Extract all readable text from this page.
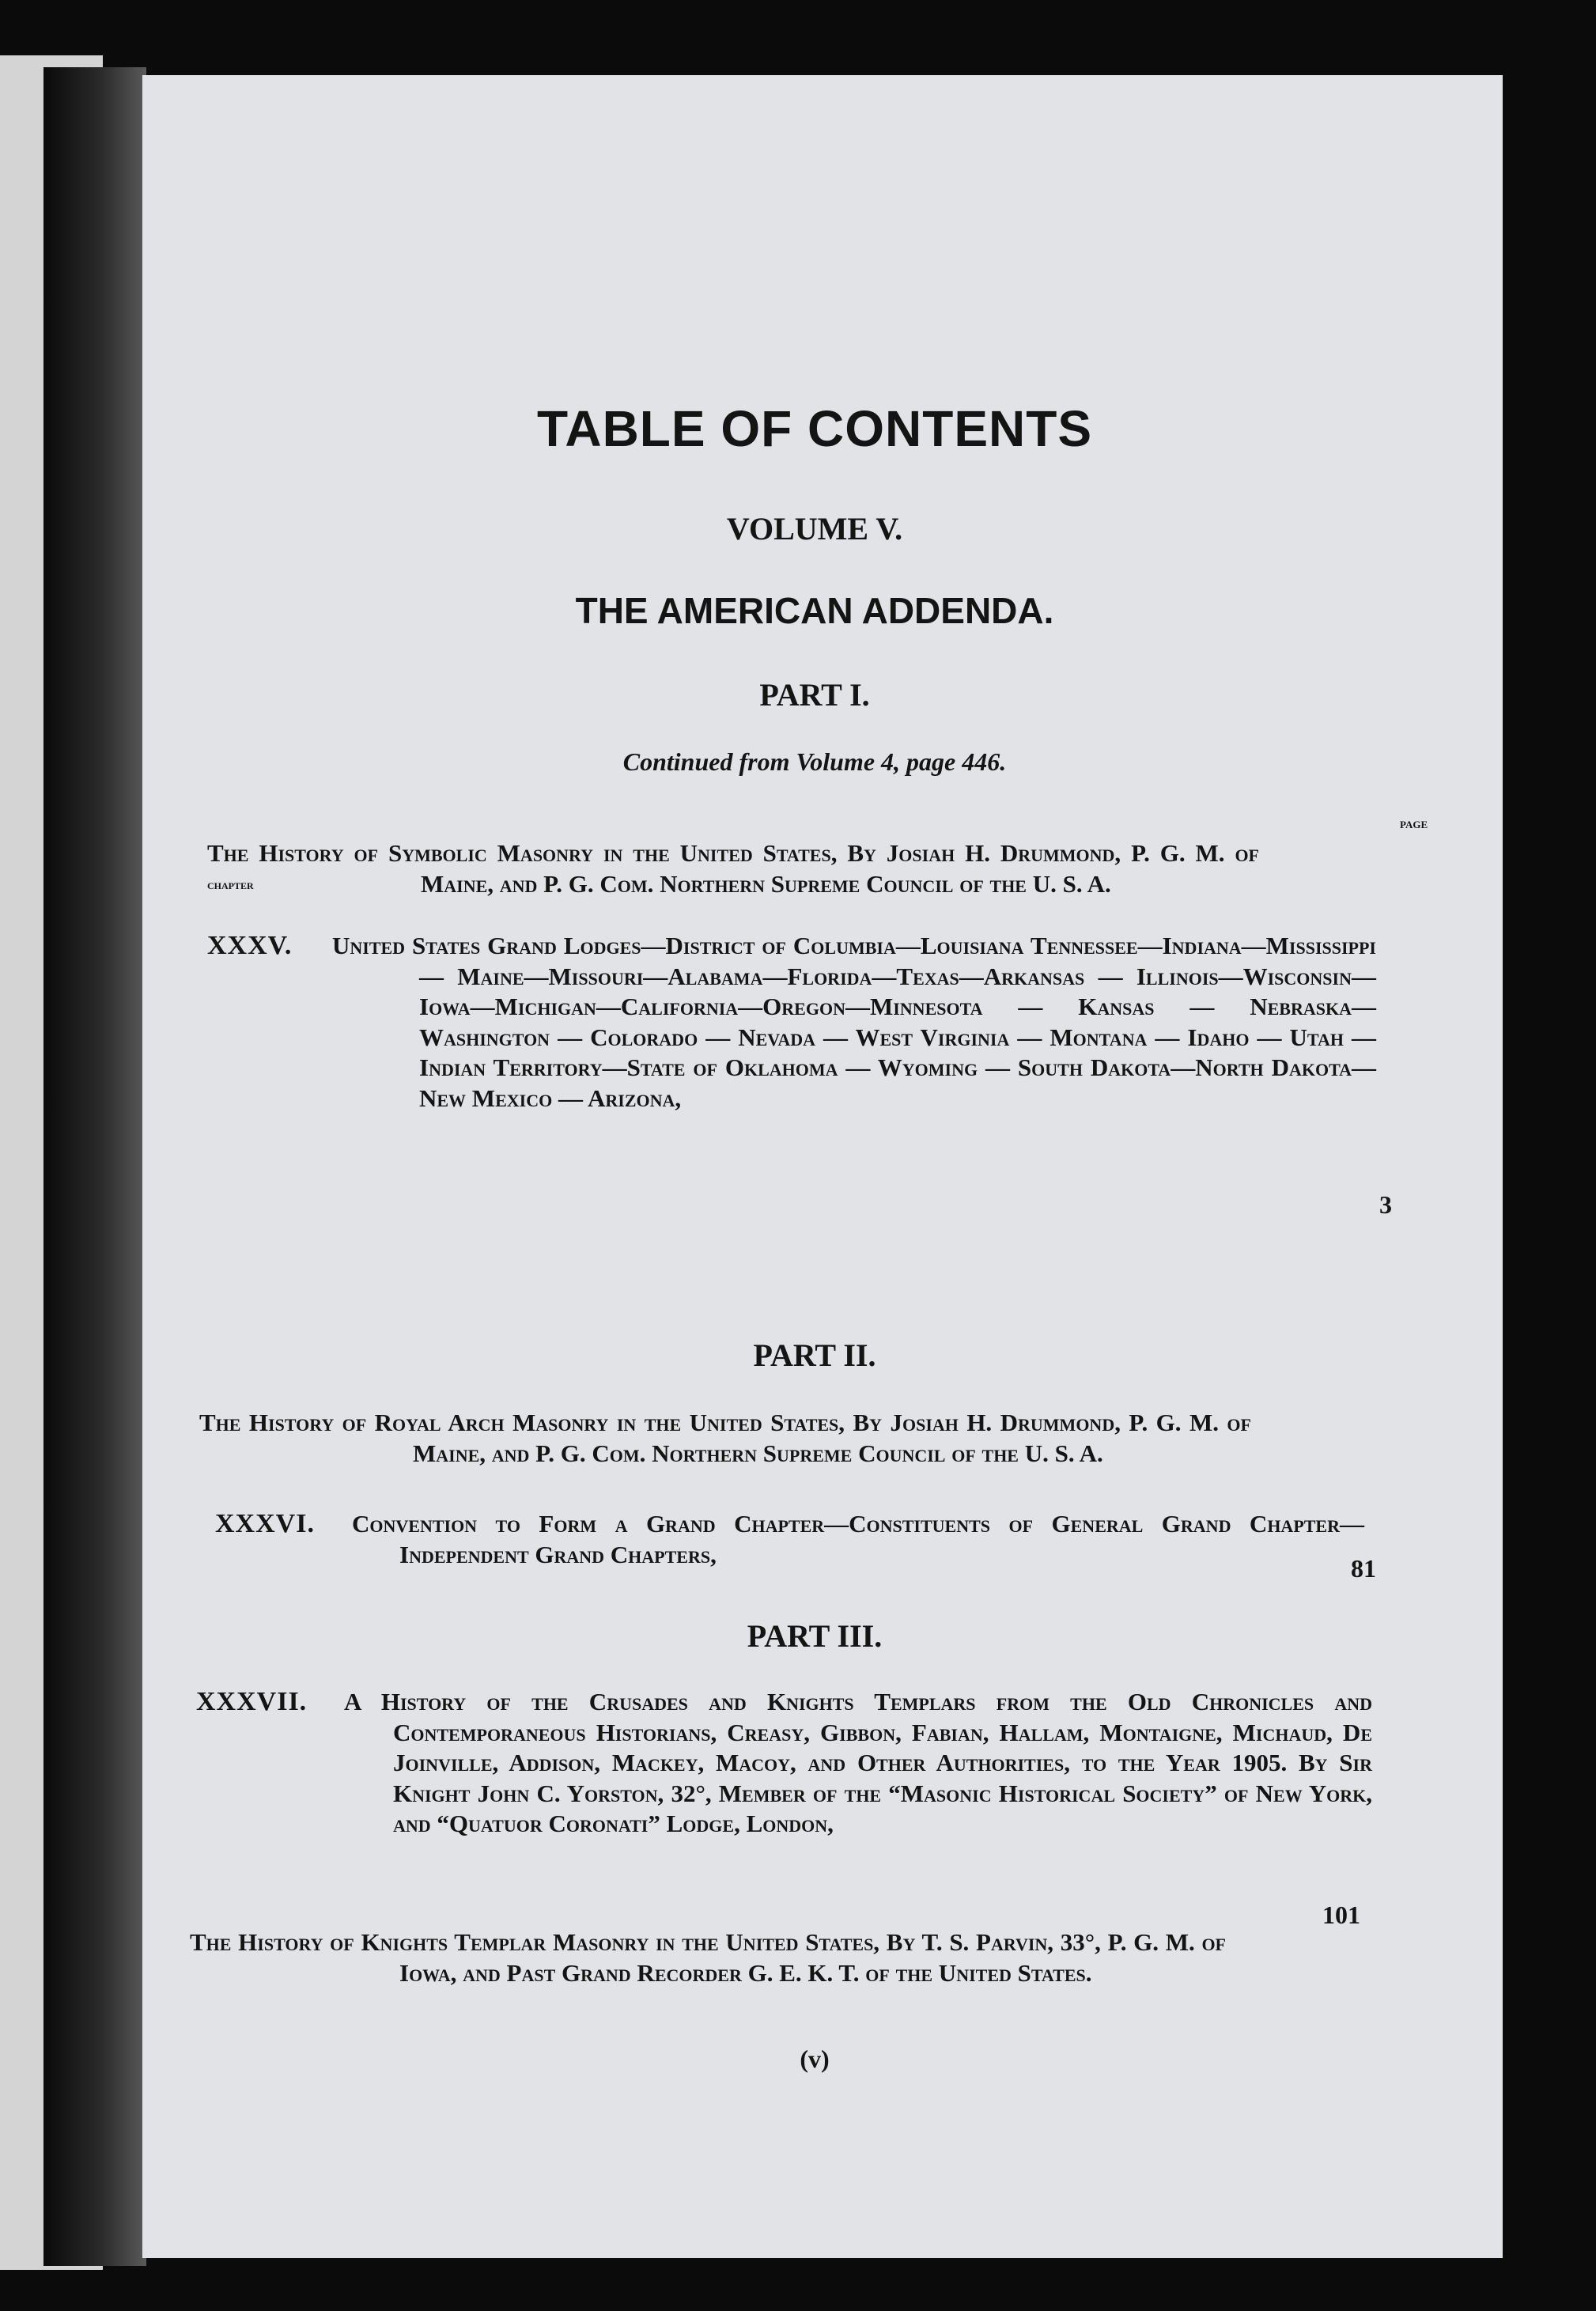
TABLE OF CONTENTS
VOLUME V.
THE AMERICAN ADDENDA.
PART I.
Continued from Volume 4, page 446.
PAGE
CHAPTER
The History of Symbolic Masonry in the United States, By Josiah H. Drummond, P. G. M. of Maine, and P. G. Com. Northern Supreme Council of the U. S. A.
XXXV. United States Grand Lodges—District of Columbia—Louisiana Tennessee—Indiana—Mississippi — Maine—Missouri—Alabama—Florida—Texas—Arkansas — Illinois—Wisconsin—Iowa—Michigan—California—Oregon—Minnesota — Kansas — Nebraska—Washington — Colorado — Nevada — West Virginia — Montana — Idaho — Utah — Indian Territory—State of Oklahoma — Wyoming — South Dakota—North Dakota—New Mexico — Arizona,
3
PART II.
The History of Royal Arch Masonry in the United States, By Josiah H. Drummond, P. G. M. of Maine, and P. G. Com. Northern Supreme Council of the U. S. A.
XXXVI. Convention to Form a Grand Chapter—Constituents of General Grand Chapter—Independent Grand Chapters,	81
PART III.
XXXVII. A History of the Crusades and Knights Templars from the Old Chronicles and Contemporaneous Historians, Creasy, Gibbon, Fabian, Hallam, Montaigne, Michaud, De Joinville, Addison, Mackey, Macoy, and Other Authorities, to the Year 1905. By Sir Knight John C. Yorston, 32°, Member of the “Masonic Historical Society” of New York, and “Quatuor Coronati” Lodge, London,
101
The History of Knights Templar Masonry in the United States, By T. S. Parvin, 33°, P. G. M. of Iowa, and Past Grand Recorder G. E. K. T. of the United States.
(v)
